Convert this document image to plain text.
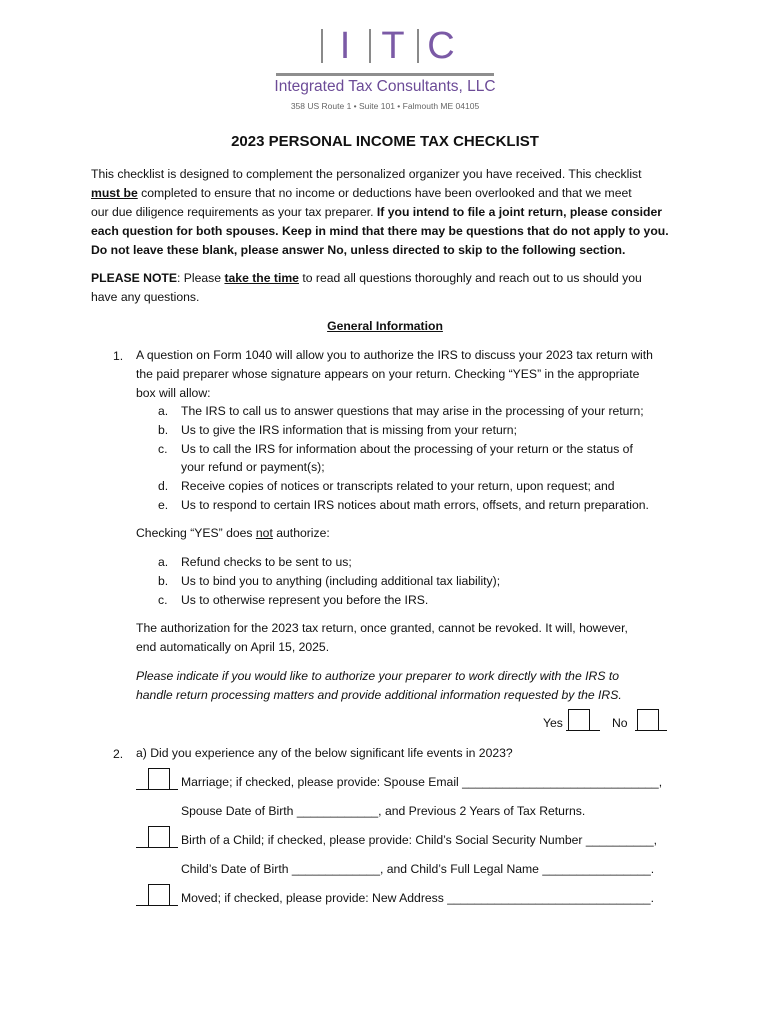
I T C
Integrated Tax Consultants, LLC
358 US Route 1 • Suite 101 • Falmouth ME 04105
2023 PERSONAL INCOME TAX CHECKLIST
This checklist is designed to complement the personalized organizer you have received. This checklist
must be completed to ensure that no income or deductions have been overlooked and that we meet
our due diligence requirements as your tax preparer. If you intend to file a joint return, please consider
each question for both spouses. Keep in mind that there may be questions that do not apply to you.
Do not leave these blank, please answer No, unless directed to skip to the following section.
PLEASE NOTE: Please take the time to read all questions thoroughly and reach out to us should you
have any questions.
General Information
1. A question on Form 1040 will allow you to authorize the IRS to discuss your 2023 tax return with
the paid preparer whose signature appears on your return. Checking “YES” in the appropriate
box will allow:
a. The IRS to call us to answer questions that may arise in the processing of your return;
b. Us to give the IRS information that is missing from your return;
c. Us to call the IRS for information about the processing of your return or the status of
your refund or payment(s);
d. Receive copies of notices or transcripts related to your return, upon request; and
e. Us to respond to certain IRS notices about math errors, offsets, and return preparation.
Checking “YES” does not authorize:
a. Refund checks to be sent to us;
b. Us to bind you to anything (including additional tax liability);
c. Us to otherwise represent you before the IRS.
The authorization for the 2023 tax return, once granted, cannot be revoked. It will, however,
end automatically on April 15, 2025.
Please indicate if you would like to authorize your preparer to work directly with the IRS to
handle return processing matters and provide additional information requested by the IRS.
Yes	No
2. a) Did you experience any of the below significant life events in 2023?
Marriage; if checked, please provide: Spouse Email _____________________________,
Spouse Date of Birth ____________, and Previous 2 Years of Tax Returns.
Birth of a Child; if checked, please provide: Child’s Social Security Number __________,
Child’s Date of Birth _____________, and Child’s Full Legal Name ________________.
Moved; if checked, please provide: New Address ______________________________.
